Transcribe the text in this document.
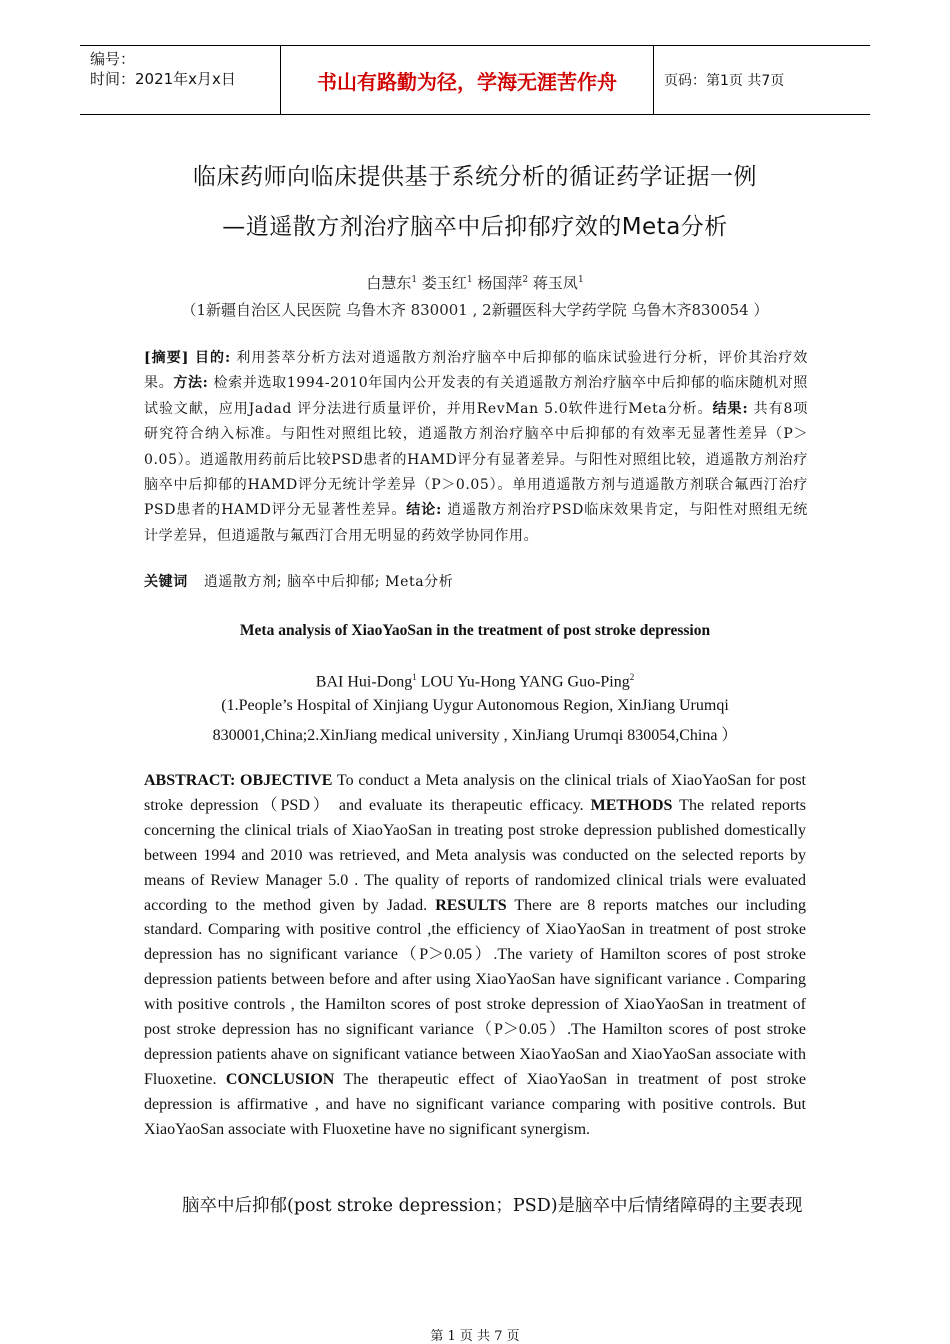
编号：
时间：2021年x月x日	书山有路勤为径，学海无涯苦作舟	页码：第1页 共7页
临床药师向临床提供基于系统分析的循证药学证据一例
—逍遥散方剂治疗脑卒中后抑郁疗效的Meta分析
白慧东$^1$ 娄玉红$^1$ 杨国萍$^2$ 蒋玉凤$^1$
（1新疆自治区人民医院 乌鲁木齐 830001 , 2新疆医科大学药学院 乌鲁木齐830054 ）
[摘要] 目的: 利用荟萃分析方法对逍遥散方剂治疗脑卒中后抑郁的临床试验进行分析，评价其治疗效果。方法: 检索并选取1994-2010年国内公开发表的有关逍遥散方剂治疗脑卒中后抑郁的临床随机对照试验文献，应用Jadad 评分法进行质量评价，并用RevMan 5.0软件进行Meta分析。结果: 共有8项研究符合纳入标准。与阳性对照组比较，逍遥散方剂治疗脑卒中后抑郁的有效率无显著性差异（P＞0.05）。逍遥散用药前后比较PSD患者的HAMD评分有显著差异。与阳性对照组比较，逍遥散方剂治疗脑卒中后抑郁的HAMD评分无统计学差异（P＞0.05）。单用逍遥散方剂与逍遥散方剂联合氟西汀治疗 PSD患者的HAMD评分无显著性差异。结论: 逍遥散方剂治疗PSD临床效果肯定，与阳性对照组无统计学差异，但逍遥散与氟西汀合用无明显的药效学协同作用。
关键词 逍遥散方剂; 脑卒中后抑郁; Meta分析
Meta analysis of XiaoYaoSan in the treatment of post stroke depression
BAI Hui-Dong$^1$ LOU Yu-Hong YANG Guo-Ping$^2$
(1.People’s Hospital of Xinjiang Uygur Autonomous Region, XinJiang Urumqi
830001,China;2.XinJiang medical university , XinJiang Urumqi 830054,China ）
ABSTRACT: OBJECTIVE To conduct a Meta analysis on the clinical trials of XiaoYaoSan for post stroke depression（PSD） and evaluate its therapeutic efficacy. METHODS The related reports concerning the clinical trials of XiaoYaoSan in treating post stroke depression published domestically between 1994 and 2010 was retrieved, and Meta analysis was conducted on the selected reports by means of Review Manager 5.0 . The quality of reports of randomized clinical trials were evaluated according to the method given by Jadad. RESULTS There are 8 reports matches our including standard. Comparing with positive control ,the efficiency of XiaoYaoSan in treatment of post stroke depression has no significant variance（P＞0.05）.The variety of Hamilton scores of post stroke depression patients between before and after using XiaoYaoSan have significant variance . Comparing with positive controls , the Hamilton scores of post stroke depression of XiaoYaoSan in treatment of post stroke depression has no significant variance（P＞0.05）.The Hamilton scores of post stroke depression patients ahave on significant vatiance between XiaoYaoSan and XiaoYaoSan associate with Fluoxetine. CONCLUSION The therapeutic effect of XiaoYaoSan in treatment of post stroke depression is affirmative , and have no significant variance comparing with positive controls. But XiaoYaoSan associate with Fluoxetine have no significant synergism.
脑卒中后抑郁(post stroke depression；PSD)是脑卒中后情绪障碍的主要表现
第 1 页 共 7 页
